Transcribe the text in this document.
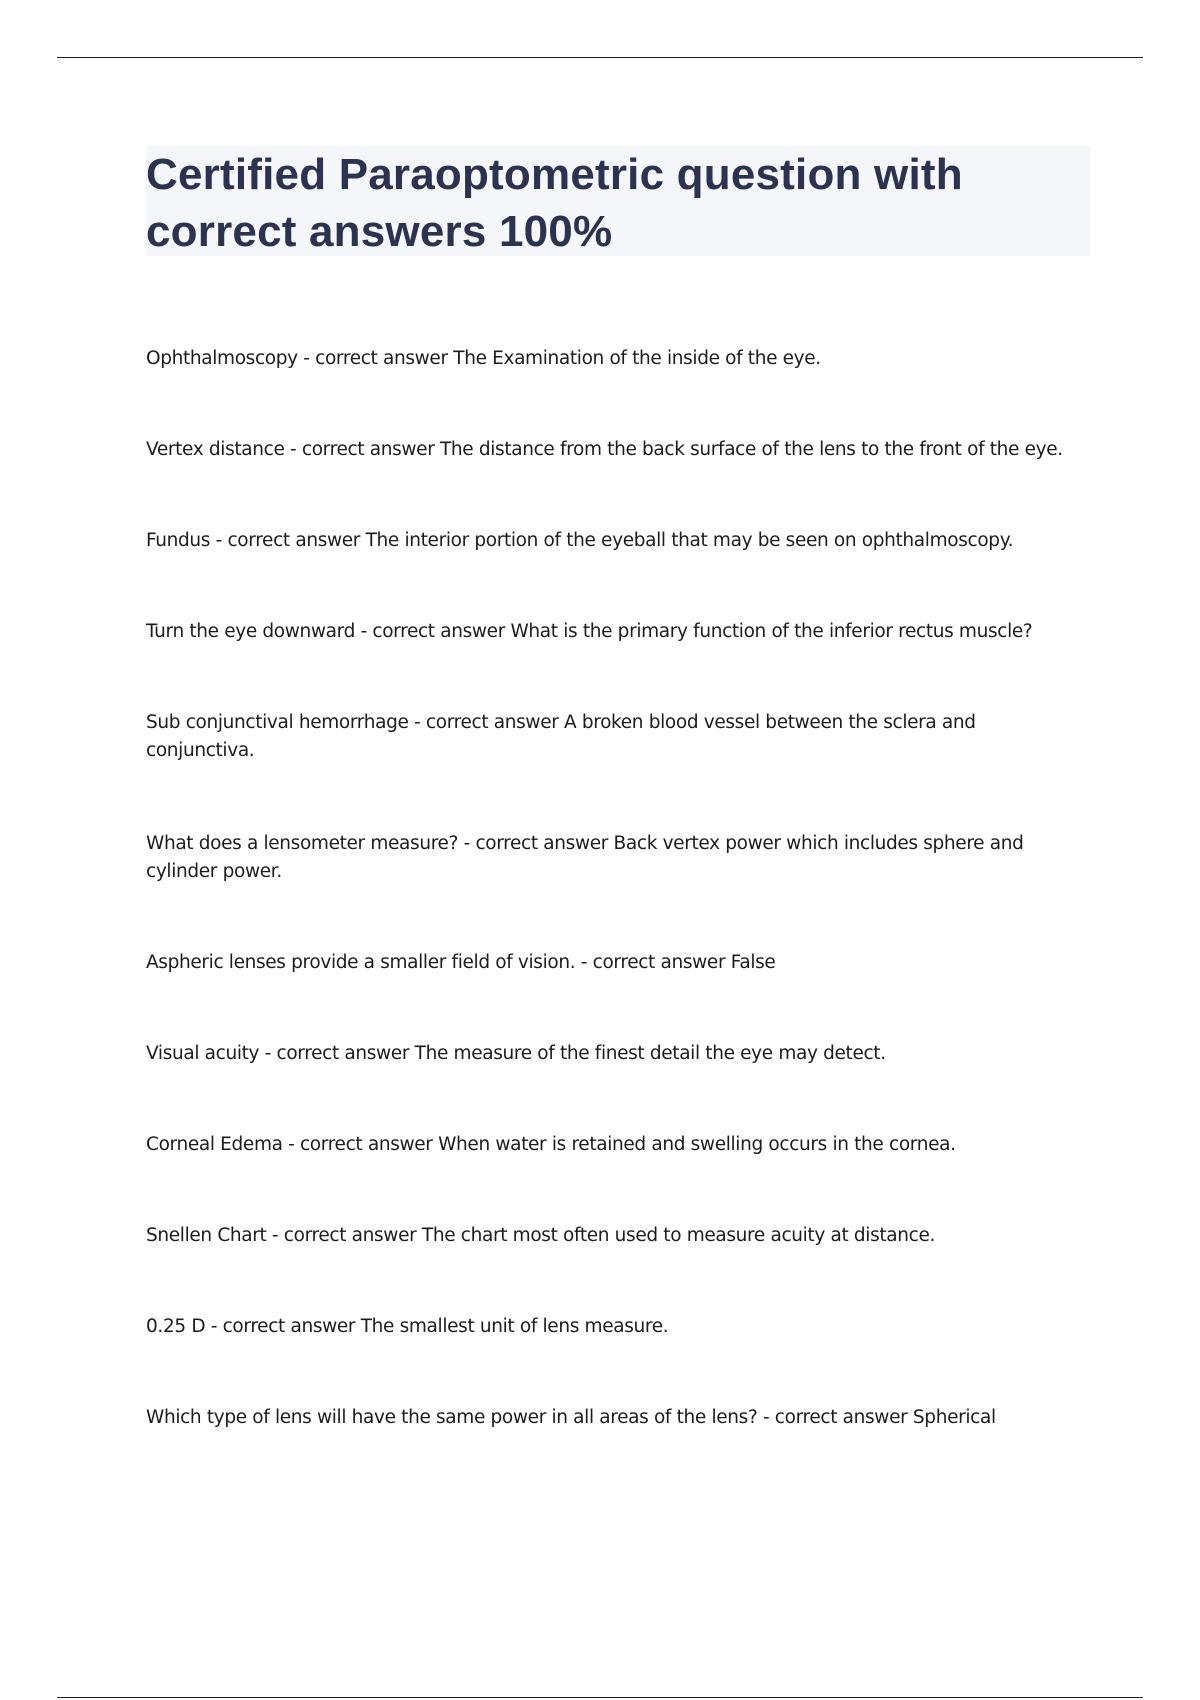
Certified Paraoptometric question with correct answers 100%
Ophthalmoscopy - correct answer The Examination of the inside of the eye.
Vertex distance - correct answer The distance from the back surface of the lens to the front of the eye.
Fundus - correct answer The interior portion of the eyeball that may be seen on ophthalmoscopy.
Turn the eye downward - correct answer What is the primary function of the inferior rectus muscle?
Sub conjunctival hemorrhage - correct answer A broken blood vessel between the sclera and conjunctiva.
What does a lensometer measure? - correct answer Back vertex power which includes sphere and cylinder power.
Aspheric lenses provide a smaller field of vision. - correct answer False
Visual acuity - correct answer The measure of the finest detail the eye may detect.
Corneal Edema - correct answer When water is retained and swelling occurs in the cornea.
Snellen Chart - correct answer The chart most often used to measure acuity at distance.
0.25 D - correct answer The smallest unit of lens measure.
Which type of lens will have the same power in all areas of the lens? - correct answer Spherical
